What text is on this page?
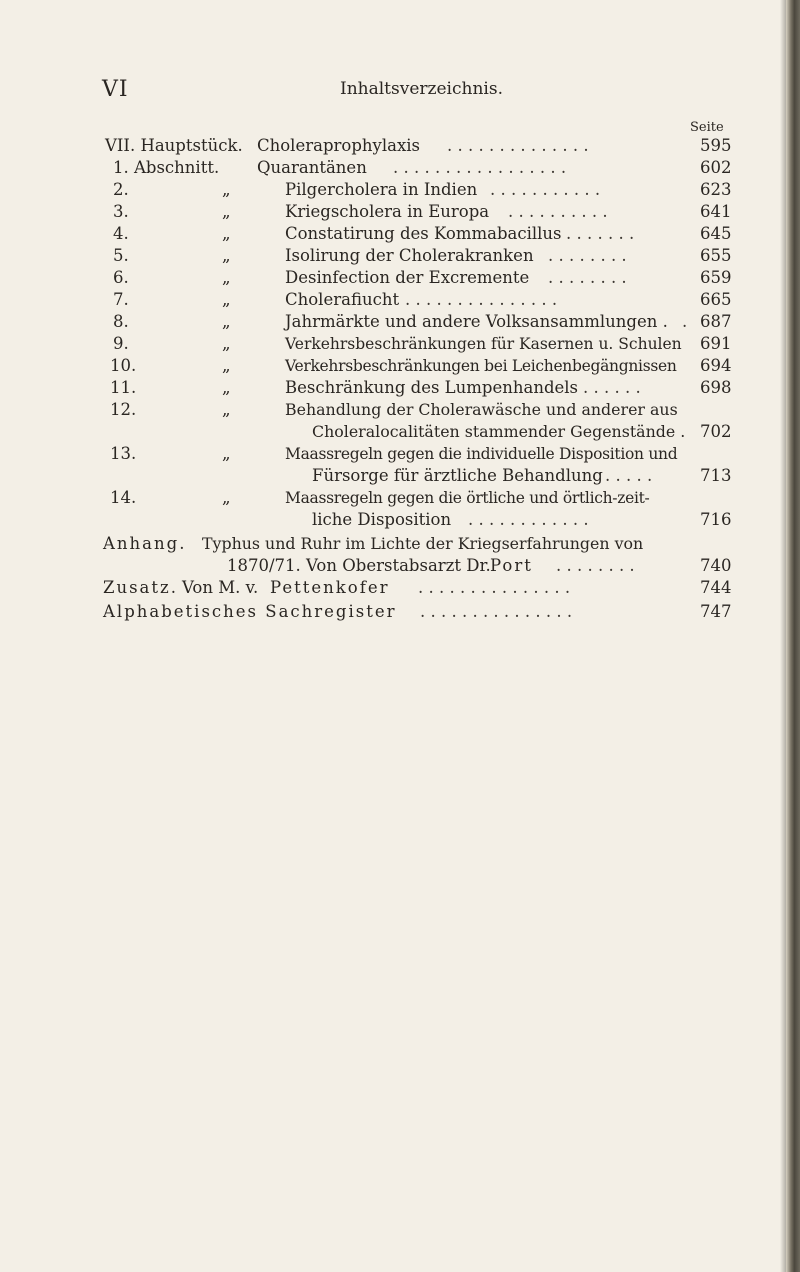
VI	Inhaltsverzeichnis.
Seite
VII. Hauptstück. Choleraprophylaxis . . . . . . . . . . . . . .	595
1. Abschnitt. Quarantänen . . . . . . . . . . . . . . . . .	602
2.	„	Pilgercholera in Indien . . . . . . . . . . .	623
3.	„	Kriegscholera in Europa . . . . . . . . . .	641
4.	„	Constatirung des Kommabacillus . . . . . . .	645
5.	„	Isolirung der Cholerakranken . . . . . . . .	655
6.	„	Desinfection der Excremente . . . . . . . .	659
7.	„	Cholerafiucht . . . . . . . . . . . . . . .	665
8.	„	Jahrmärkte und andere Volksansammlungen . . 687
9.	„	Verkehrsbeschränkungen für Kasernen u. Schulen 691
10.	„	Verkehrsbeschränkungen bei Leichenbegängnissen 694
11.	„	Beschränkung des Lumpenhandels . . . . . .	698
12.	„	Behandlung der Cholerawäsche und anderer aus
Choleralocalitäten stammender Gegenstände . 702
13.	„	Maassregeln gegen die individuelle Disposition und
Fürsorge für ärztliche Behandlung . . . . .	713
14.	„	Maassregeln gegen die örtliche und örtlich-zeit-
liche Disposition . . . . . . . . . . . .	716
Anhang. Typhus und Ruhr im Lichte der Kriegserfahrungen von
1870/71. Von Oberstabsarzt Dr. Port . . . . . . . .	740
Zusatz. Von M. v. Pettenkofer . . . . . . . . . . . . . . .	744
Alphabetisches Sachregister . . . . . . . . . . . . . . .	747
